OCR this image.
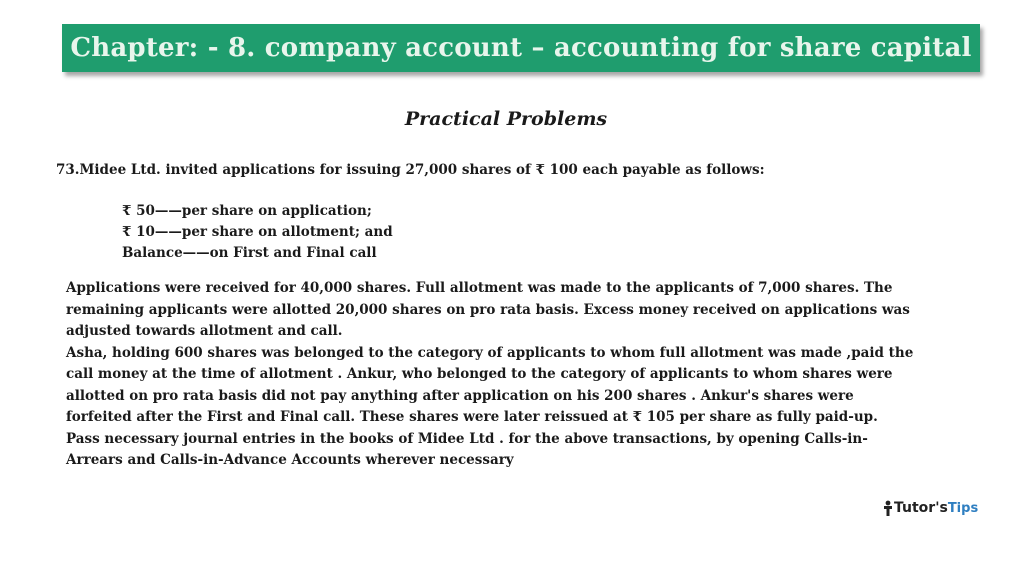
Chapter: - 8. company account – accounting for share capital
Practical Problems
73.Midee Ltd. invited applications for issuing 27,000 shares of ₹ 100 each payable as follows:
₹ 50——per share on application;
₹ 10——per share on allotment; and
Balance——on First and Final call
Applications were received for 40,000 shares. Full allotment was made to the applicants of 7,000 shares. The
remaining applicants were allotted 20,000 shares on pro rata basis. Excess money received on applications was
adjusted towards allotment and call.
Asha, holding 600 shares was belonged to the category of applicants to whom full allotment was made ,paid the
call money at the time of allotment . Ankur, who belonged to the category of applicants to whom shares were
allotted on pro rata basis did not pay anything after application on his 200 shares . Ankur's shares were
forfeited after the First and Final call. These shares were later reissued at ₹ 105 per share as fully paid-up.
Pass necessary journal entries in the books of Midee Ltd . for the above transactions, by opening Calls-in-
Arrears and Calls-in-Advance Accounts wherever necessary
Tutor's Tips
